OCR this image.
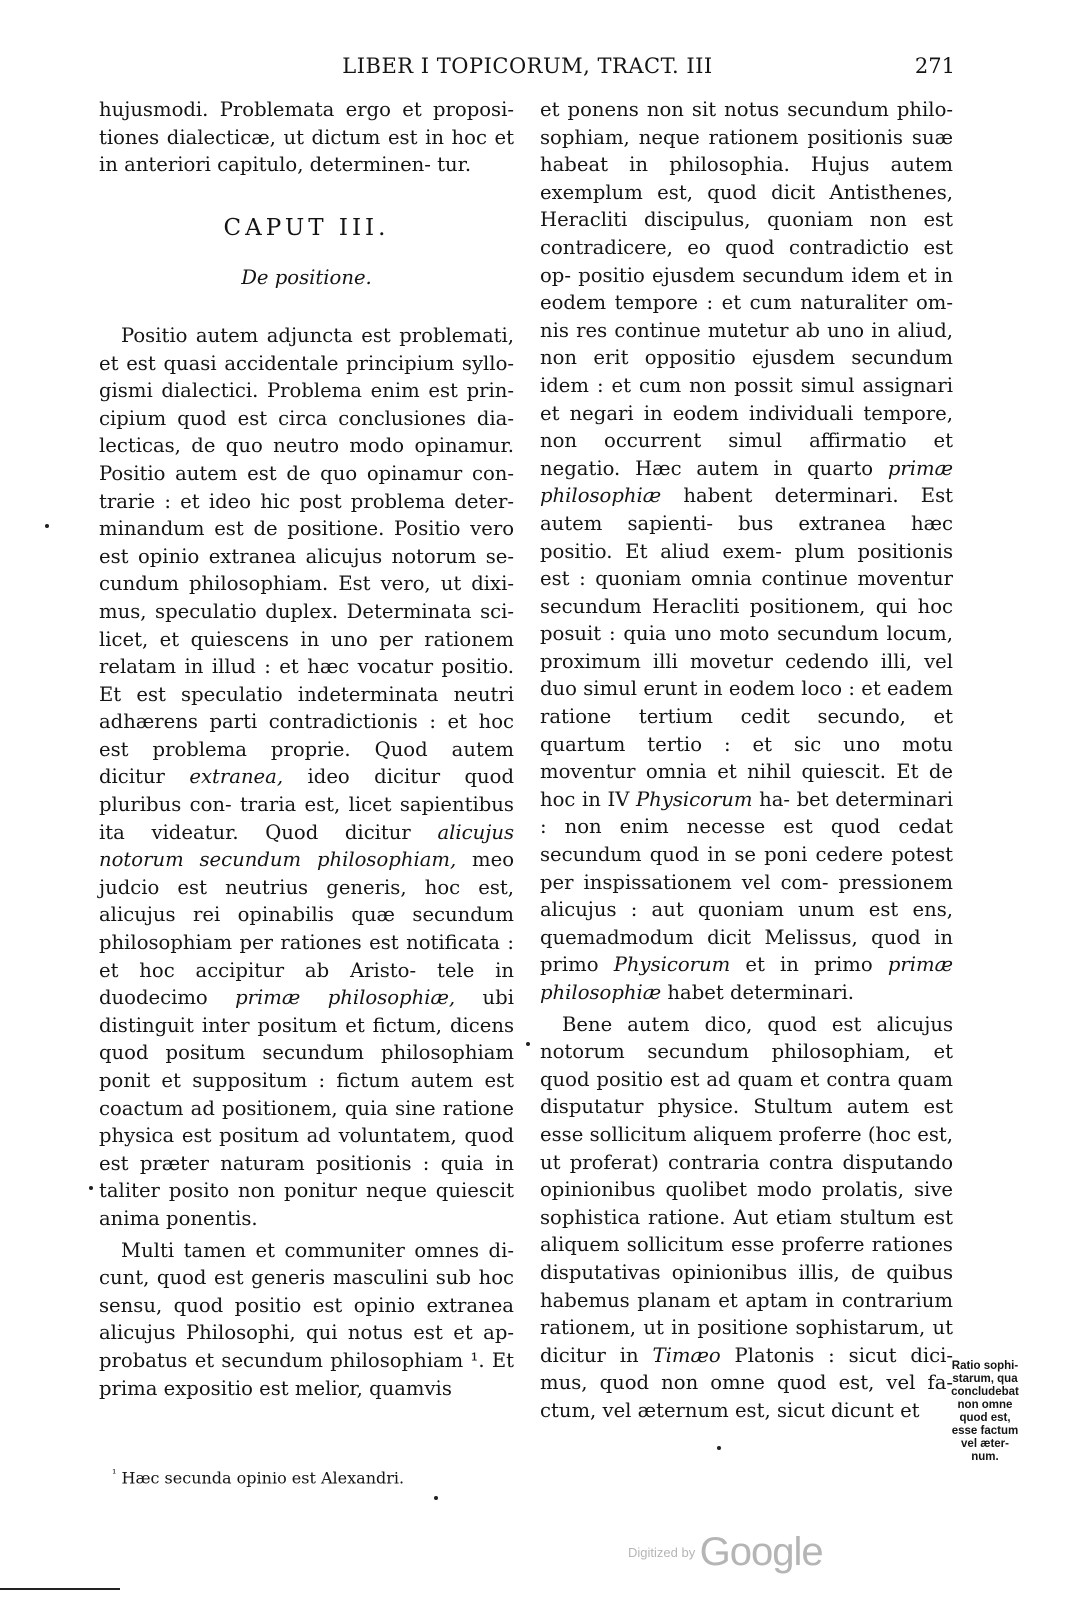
LIBER I TOPICORUM, TRACT. III	271

hujusmodi. Problemata ergo et proposi- tiones dialecticæ, ut dictum est in hoc et in anteriori capitulo, determinen- tur.

CAPUT III.

De positione.

Positio autem adjuncta est problemati, et est quasi accidentale principium syllo- gismi dialectici. Problema enim est prin- cipium quod est circa conclusiones dia- lecticas, de quo neutro modo opinamur. Positio autem est de quo opinamur con- trarie : et ideo hic post problema deter- minandum est de positione. Positio vero est opinio extranea alicujus notorum se- cundum philosophiam. Est vero, ut dixi- mus, speculatio duplex. Determinata sci- licet, et quiescens in uno per rationem relatam in illud : et hæc vocatur positio. Et est speculatio indeterminata neutri adhærens parti contradictionis : et hoc est problema proprie. Quod autem dicitur extranea, ideo dicitur quod pluribus con- traria est, licet sapientibus ita videatur. Quod dicitur alicujus notorum secundum philosophiam, meo judcio est neutrius generis, hoc est, alicujus rei opinabilis quæ secundum philosophiam per rationes est notificata : et hoc accipitur ab Aristo- tele in duodecimo primæ philosophiæ, ubi distinguit inter positum et fictum, dicens quod positum secundum philosophiam ponit et suppositum : fictum autem est coactum ad positionem, quia sine ratione physica est positum ad voluntatem, quod est præter naturam positionis : quia in taliter posito non ponitur neque quiescit anima ponentis.

Multi tamen et communiter omnes di- cunt, quod est generis masculini sub hoc sensu, quod positio est opinio extranea alicujus Philosophi, qui notus est et ap- probatus et secundum philosophiam ¹. Et prima expositio est melior, quamvis

et ponens non sit notus secundum philo- sophiam, neque rationem positionis suæ habeat in philosophia. Hujus autem exemplum est, quod dicit Antisthenes, Heracliti discipulus, quoniam non est contradicere, eo quod contradictio est op- positio ejusdem secundum idem et in eodem tempore : et cum naturaliter om- nis res continue mutetur ab uno in aliud, non erit oppositio ejusdem secundum idem : et cum non possit simul assignari et negari in eodem individuali tempore, non occurrent simul affirmatio et negatio. Hæc autem in quarto primæ philosophiæ habent determinari. Est autem sapienti- bus extranea hæc positio. Et aliud exem- plum positionis est : quoniam omnia continue moventur secundum Heracliti positionem, qui hoc posuit : quia uno moto secundum locum, proximum illi movetur cedendo illi, vel duo simul erunt in eodem loco : et eadem ratione tertium cedit secundo, et quartum tertio : et sic uno motu moventur omnia et nihil quiescit. Et de hoc in IV Physicorum ha- bet determinari : non enim necesse est quod cedat secundum quod in se poni cedere potest per inspissationem vel com- pressionem alicujus : aut quoniam unum est ens, quemadmodum dicit Melissus, quod in primo Physicorum et in primo primæ philosophiæ habet determinari.

Bene autem dico, quod est alicujus notorum secundum philosophiam, et quod positio est ad quam et contra quam disputatur physice. Stultum autem est esse sollicitum aliquem proferre (hoc est, ut proferat) contraria contra disputando opinionibus quolibet modo prolatis, sive sophistica ratione. Aut etiam stultum est aliquem sollicitum esse proferre rationes disputativas opinionibus illis, de quibus habemus planam et aptam in contrarium rationem, ut in positione sophistarum, ut dicitur in Timæo Platonis : sicut dici- mus, quod non omne quod est, vel fa- ctum, vel æternum est, sicut dicunt et

Ratio sophi-
starum, qua
concludebat
non omne
quod est,
esse factum
vel æter-
num.
$^{^1}$ Hæc secunda opinio est Alexandri.
Digitized by Google
